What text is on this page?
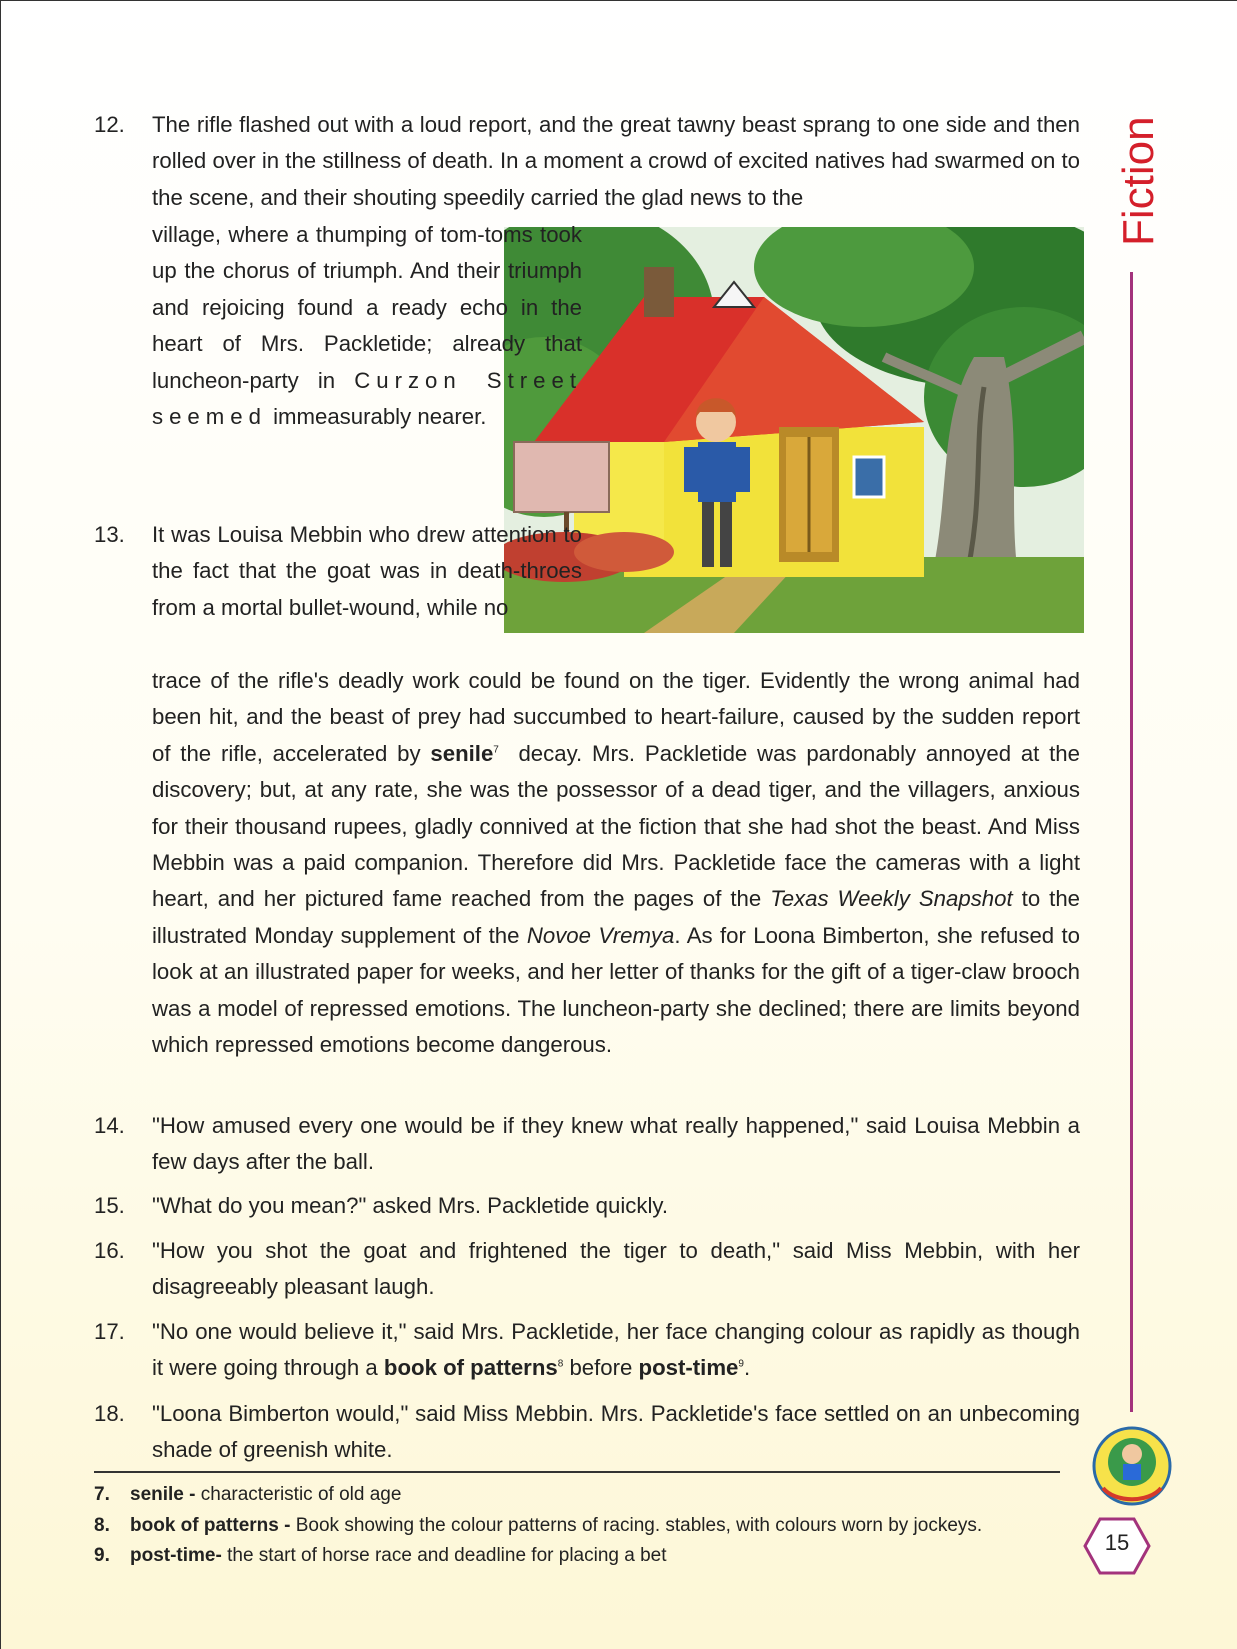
12.	The rifle flashed out with a loud report, and the great tawny beast sprang to one side and then rolled over in the stillness of death. In a moment a crowd of excited natives had swarmed on to the scene, and their shouting speedily carried the glad news to the
village, where a thumping of tom-toms took up the chorus of triumph. And their triumph and rejoicing found a ready echo in the heart of Mrs. Packletide; already that luncheon-party in Curzon Street seemed immeasurably nearer.
13.	It was Louisa Mebbin who drew attention to the fact that the goat was in death-throes from a mortal bullet-wound, while no
trace of the rifle's deadly work could be found on the tiger. Evidently the wrong animal had been hit, and the beast of prey had succumbed to heart-failure, caused by the sudden report of the rifle, accelerated by senile$^7$ decay. Mrs. Packletide was pardonably annoyed at the discovery; but, at any rate, she was the possessor of a dead tiger, and the villagers, anxious for their thousand rupees, gladly connived at the fiction that she had shot the beast. And Miss Mebbin was a paid companion. Therefore did Mrs. Packletide face the cameras with a light heart, and her pictured fame reached from the pages of the Texas Weekly Snapshot to the illustrated Monday supplement of the Novoe Vremya. As for Loona Bimberton, she refused to look at an illustrated paper for weeks, and her letter of thanks for the gift of a tiger-claw brooch was a model of repressed emotions. The luncheon-party she declined; there are limits beyond which repressed emotions become dangerous.
14.	"How amused every one would be if they knew what really happened," said Louisa Mebbin a few days after the ball.
15.	"What do you mean?" asked Mrs. Packletide quickly.
16.	"How you shot the goat and frightened the tiger to death," said Miss Mebbin, with her disagreeably pleasant laugh.
17.	"No one would believe it," said Mrs. Packletide, her face changing colour as rapidly as though it were going through a book of patterns$^8$ before post-time$^9$.
18.	"Loona Bimberton would," said Miss Mebbin. Mrs. Packletide's face settled on an unbecoming shade of greenish white.
7. senile - characteristic of old age
8. book of patterns - Book showing the colour patterns of racing. stables, with colours worn by jockeys.
9. post-time- the start of horse race and deadline for placing a bet
Fiction
15
